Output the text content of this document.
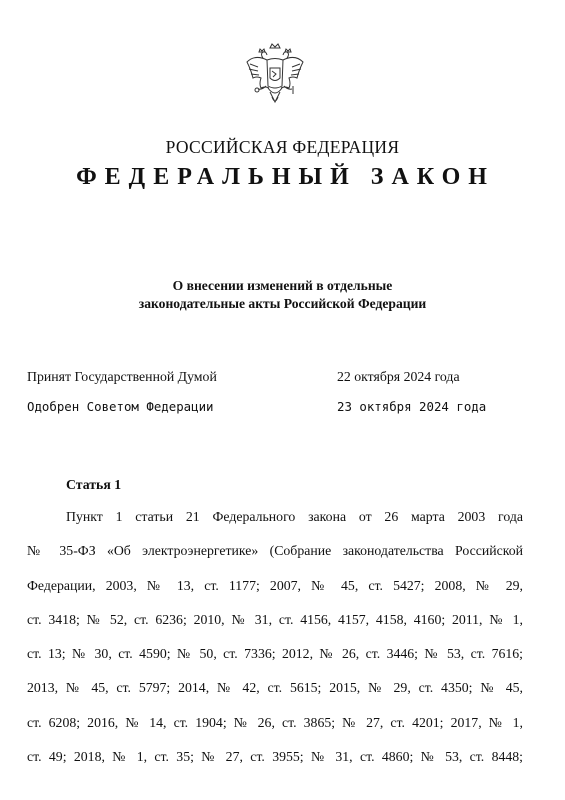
РОССИЙСКАЯ ФЕДЕРАЦИЯ
ФЕДЕРАЛЬНЫЙ ЗАКОН
О внесении изменений в отдельные
законодательные акты Российской Федерации
Принят Государственной Думой	22 октября 2024 года
Одобрен Советом Федерации	23 октября 2024 года
Статья 1
Пункт 1 статьи 21 Федерального закона от 26 марта 2003 года
№ 35-ФЗ «Об электроэнергетике» (Собрание законодательства Российской
Федерации, 2003, № 13, ст. 1177; 2007, № 45, ст. 5427; 2008, № 29,
ст. 3418; № 52, ст. 6236; 2010, № 31, ст. 4156, 4157, 4158, 4160; 2011, № 1,
ст. 13; № 30, ст. 4590; № 50, ст. 7336; 2012, № 26, ст. 3446; № 53, ст. 7616;
2013, № 45, ст. 5797; 2014, № 42, ст. 5615; 2015, № 29, ст. 4350; № 45,
ст. 6208; 2016, № 14, ст. 1904; № 26, ст. 3865; № 27, ст. 4201; 2017, № 1,
ст. 49; 2018, № 1, ст. 35; № 27, ст. 3955; № 31, ст. 4860; № 53, ст. 8448;
